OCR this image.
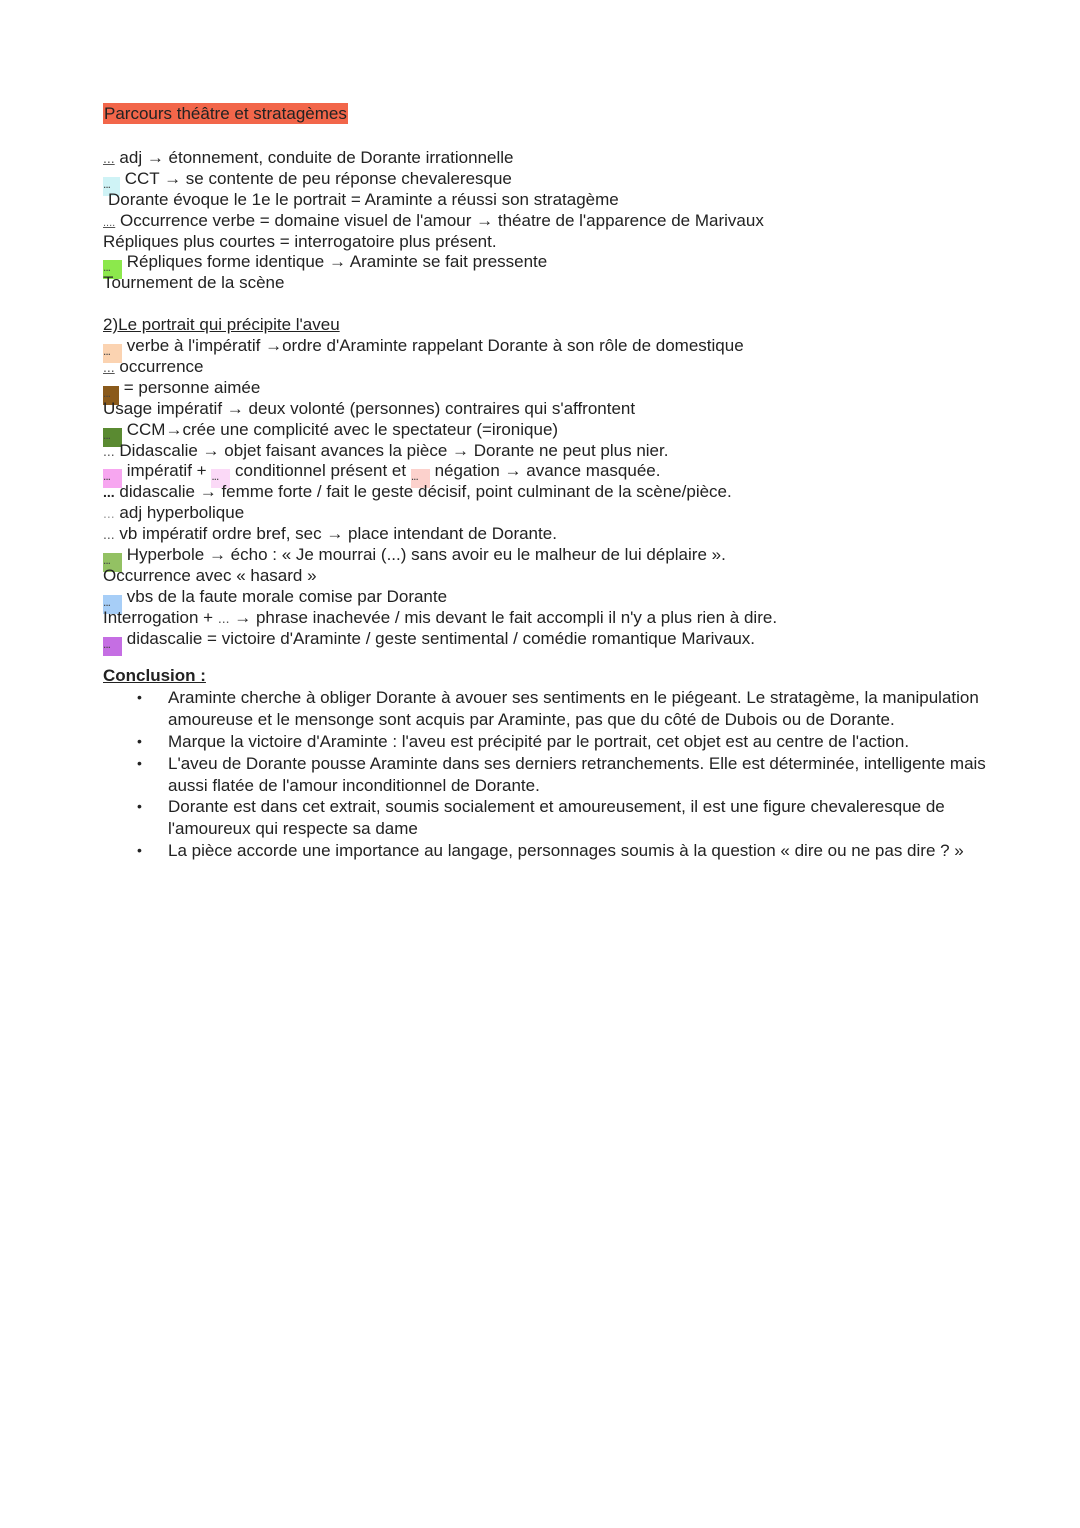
Parcours théâtre et stratagèmes
... adj → étonnement, conduite de Dorante irrationnelle
... CCT → se contente de peu réponse chevaleresque
Dorante évoque le 1e le portrait = Araminte a réussi son stratagème
.... Occurrence verbe = domaine visuel de l'amour → théatre de l'apparence de Marivaux
Répliques plus courtes = interrogatoire plus présent.
... Répliques forme identique → Araminte se fait pressente
Tournement de la scène
2)Le portrait qui précipite l'aveu
... verbe à l'impératif →ordre d'Araminte rappelant Dorante à son rôle de domestique
... occurrence
... = personne aimée
Usage impératif → deux volonté (personnes) contraires qui s'affrontent
... CCM→crée une complicité avec le spectateur (=ironique)
... Didascalie → objet faisant avances la pièce → Dorante ne peut plus nier.
... impératif + ... conditionnel présent et ... négation → avance masquée.
... didascalie → femme forte / fait le geste décisif, point culminant de la scène/pièce.
... adj hyperbolique
... vb impératif ordre bref, sec → place intendant de Dorante.
... Hyperbole → écho : « Je mourrai (...) sans avoir eu le malheur de lui déplaire ».
Occurrence avec « hasard »
... vbs de la faute morale comise par Dorante
Interrogation + ... → phrase inachevée / mis devant le fait accompli il n'y a plus rien à dire.
... didascalie = victoire d'Araminte / geste sentimental / comédie romantique Marivaux.
Conclusion :
• Araminte cherche à obliger Dorante à avouer ses sentiments en le piégeant. Le stratagème, la manipulation amoureuse et le mensonge sont acquis par Araminte, pas que du côté de Dubois ou de Dorante.
• Marque la victoire d'Araminte : l'aveu est précipité par le portrait, cet objet est au centre de l'action.
• L'aveu de Dorante pousse Araminte dans ses derniers retranchements. Elle est déterminée, intelligente mais aussi flatée de l'amour inconditionnel de Dorante.
• Dorante est dans cet extrait, soumis socialement et amoureusement, il est une figure chevaleresque de l'amoureux qui respecte sa dame
• La pièce accorde une importance au langage, personnages soumis à la question « dire ou ne pas dire ? »
